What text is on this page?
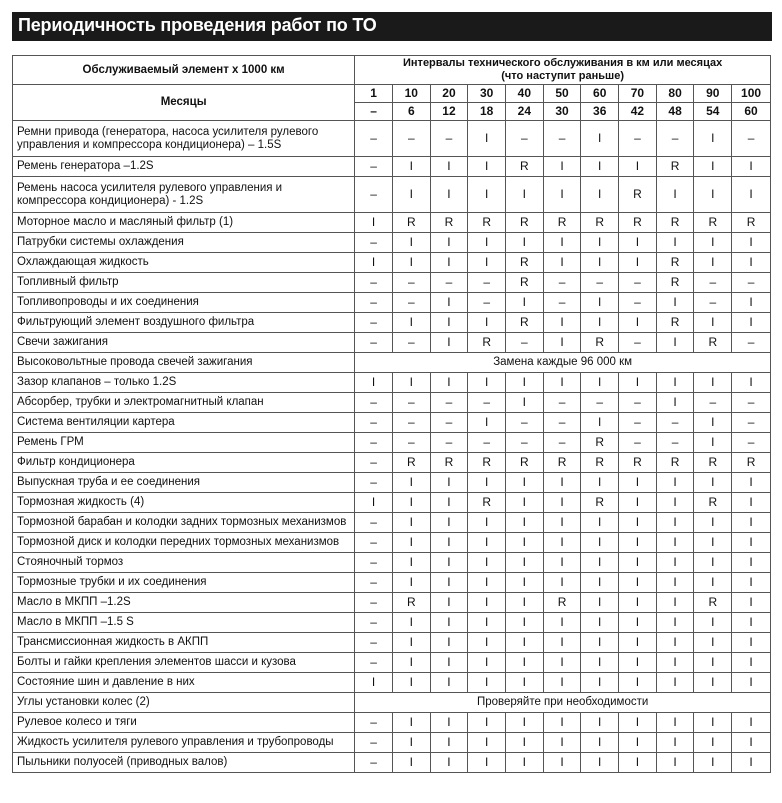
Периодичность проведения работ по ТО
Обслуживаемый элемент x 1000 км	Интервалы технического обслуживания в км или месяцах
(что наступит раньше)										

Месяцы	1	10	20	30	40	50	60	70	80	90	100
	–	6	12	18	24	30	36	42	48	54	60
Ремни привода (генератора, насоса усилителя рулевого управления и компрессора кондиционера) – 1.5S	–	–	–	I	–	–	I	–	–	I	–
Ремень генератора –1.2S	–	I	I	I	R	I	I	I	R	I	I
Ремень насоса усилителя рулевого управления и компрессора кондиционера) - 1.2S	–	I	I	I	I	I	I	R	I	I	I
Моторное масло и масляный фильтр (1)	I	R	R	R	R	R	R	R	R	R	R
Патрубки системы охлаждения	–	I	I	I	I	I	I	I	I	I	I
Охлаждающая жидкость	I	I	I	I	R	I	I	I	R	I	I
Топливный фильтр	–	–	–	–	R	–	–	–	R	–	–
Топливопроводы и их соединения	–	–	I	–	I	–	I	–	I	–	I
Фильтрующий элемент воздушного фильтра	–	I	I	I	R	I	I	I	R	I	I
Свечи зажигания	–	–	I	R	–	I	R	–	I	R	–
Высоковольтные провода свечей зажигания	Замена каждые 96 000 км										
Зазор клапанов – только 1.2S	I	I	I	I	I	I	I	I	I	I	I
Абсорбер, трубки и электромагнитный клапан	–	–	–	–	I	–	–	–	I	–	–
Система вентиляции картера	–	–	–	I	–	–	I	–	–	I	–
Ремень ГРМ	–	–	–	–	–	–	R	–	–	I	–
Фильтр кондиционера	–	R	R	R	R	R	R	R	R	R	R
Выпускная труба и ее соединения	–	I	I	I	I	I	I	I	I	I	I
Тормозная жидкость (4)	I	I	I	R	I	I	R	I	I	R	I
Тормозной барабан и колодки задних тормозных механизмов	–	I	I	I	I	I	I	I	I	I	I
Тормозной диск и колодки передних тормозных механизмов	–	I	I	I	I	I	I	I	I	I	I
Стояночный тормоз	–	I	I	I	I	I	I	I	I	I	I
Тормозные трубки и их соединения	–	I	I	I	I	I	I	I	I	I	I
Масло в МКПП –1.2S	–	R	I	I	I	R	I	I	I	R	I
Масло в МКПП –1.5 S	–	I	I	I	I	I	I	I	I	I	I
Трансмиссионная жидкость в АКПП	–	I	I	I	I	I	I	I	I	I	I
Болты и гайки крепления элементов шасси и кузова	–	I	I	I	I	I	I	I	I	I	I
Состояние шин и давление в них	I	I	I	I	I	I	I	I	I	I	I
Углы установки колес (2)	Проверяйте при необходимости										
Рулевое колесо и тяги	–	I	I	I	I	I	I	I	I	I	I
Жидкость усилителя рулевого управления и трубопроводы	–	I	I	I	I	I	I	I	I	I	I
Пыльники полуосей (приводных валов)	–	I	I	I	I	I	I	I	I	I	I
